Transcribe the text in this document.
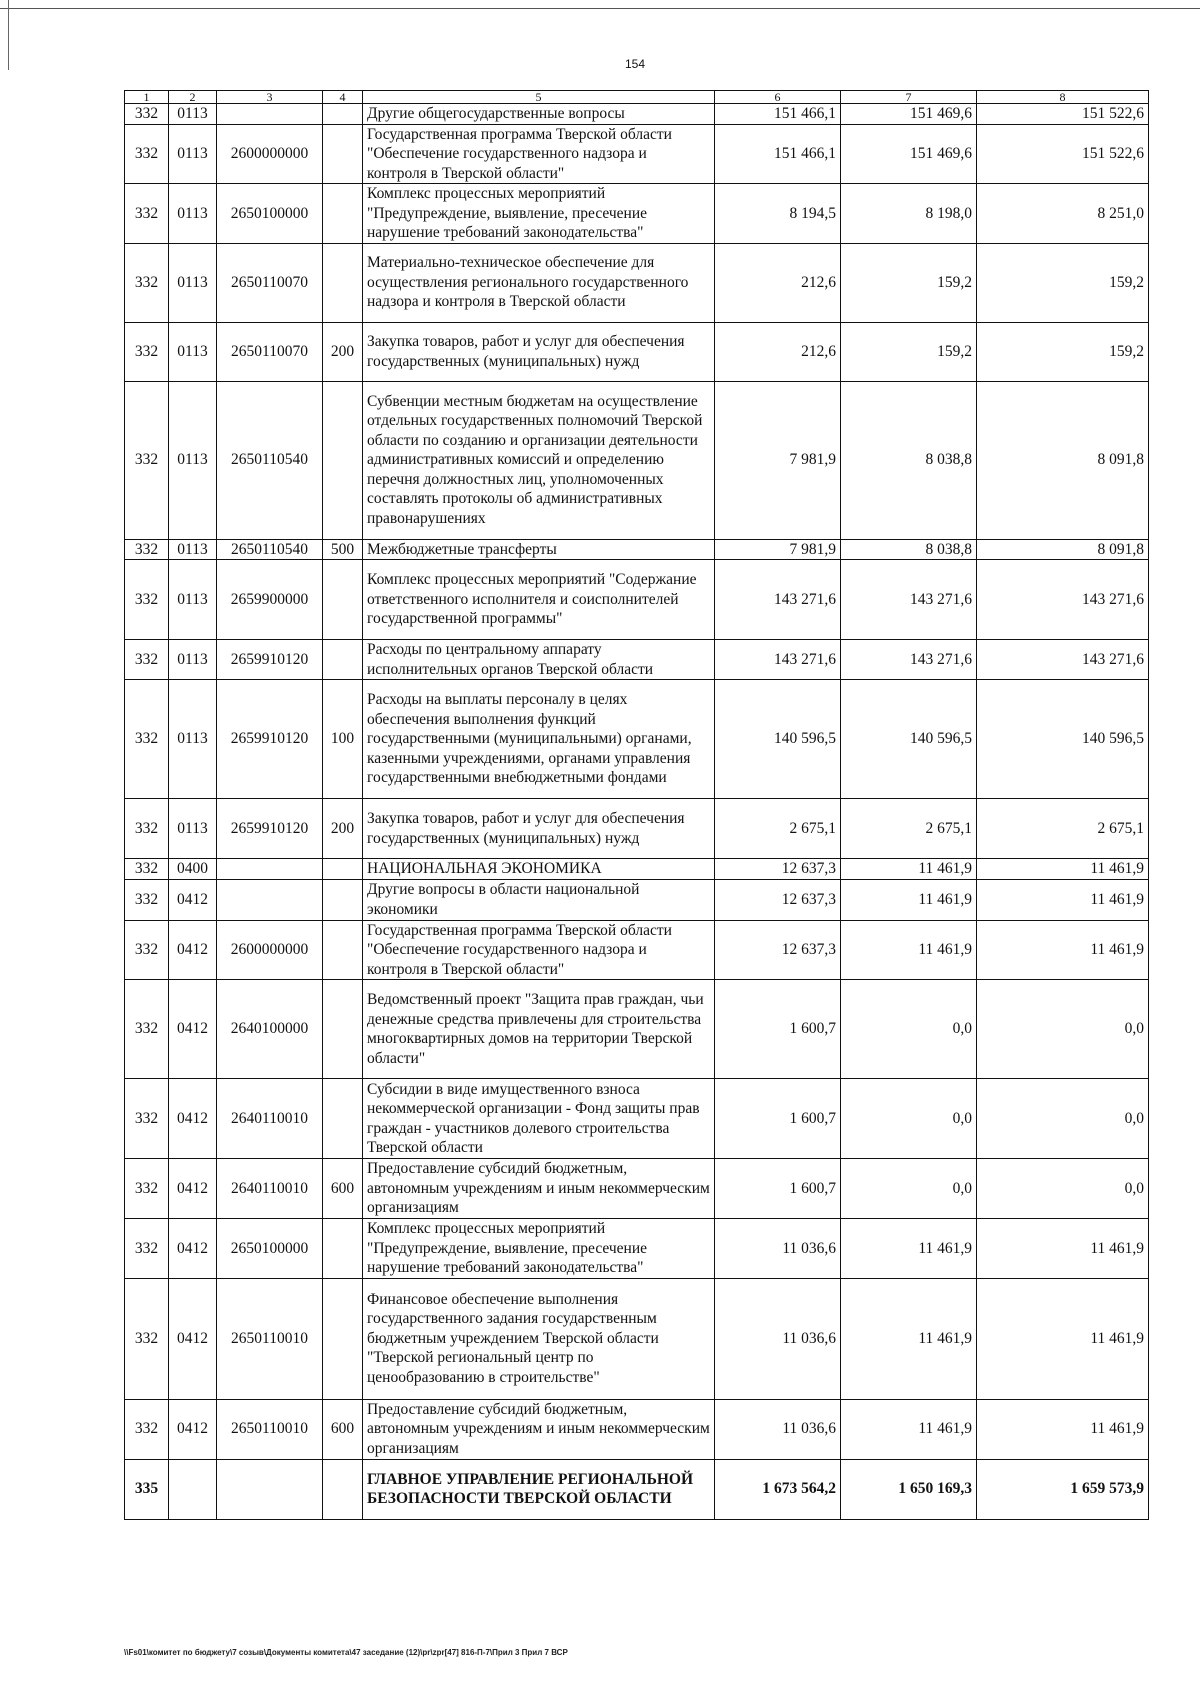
154
1	2	3	4	5	6	7	8
332	0113			Другие общегосударственные вопросы	151 466,1	151 469,6	151 522,6
332	0113	2600000000		Государственная программа Тверской области "Обеспечение государственного надзора и контроля в Тверской области"	151 466,1	151 469,6	151 522,6
332	0113	2650100000		Комплекс процессных мероприятий "Предупреждение, выявление, пресечение нарушение требований законодательства"	8 194,5	8 198,0	8 251,0
332	0113	2650110070		Материально-техническое обеспечение для осуществления регионального государственного надзора и контроля в Тверской области	212,6	159,2	159,2
332	0113	2650110070	200	Закупка товаров, работ и услуг для обеспечения государственных (муниципальных) нужд	212,6	159,2	159,2
332	0113	2650110540		Субвенции местным бюджетам на осуществление отдельных государственных полномочий Тверской области по созданию и организации деятельности административных комиссий и определению перечня должностных лиц, уполномоченных составлять протоколы об административных правонарушениях	7 981,9	8 038,8	8 091,8
332	0113	2650110540	500	Межбюджетные трансферты	7 981,9	8 038,8	8 091,8
332	0113	2659900000		Комплекс процессных мероприятий "Содержание ответственного исполнителя и соисполнителей государственной программы"	143 271,6	143 271,6	143 271,6
332	0113	2659910120		Расходы по центральному аппарату исполнительных органов Тверской области	143 271,6	143 271,6	143 271,6
332	0113	2659910120	100	Расходы на выплаты персоналу в целях обеспечения выполнения функций государственными (муниципальными) органами, казенными учреждениями, органами управления государственными внебюджетными фондами	140 596,5	140 596,5	140 596,5
332	0113	2659910120	200	Закупка товаров, работ и услуг для обеспечения государственных (муниципальных) нужд	2 675,1	2 675,1	2 675,1
332	0400			НАЦИОНАЛЬНАЯ ЭКОНОМИКА	12 637,3	11 461,9	11 461,9
332	0412			Другие вопросы в области национальной экономики	12 637,3	11 461,9	11 461,9
332	0412	2600000000		Государственная программа Тверской области "Обеспечение государственного надзора и контроля в Тверской области"	12 637,3	11 461,9	11 461,9
332	0412	2640100000		Ведомственный проект "Защита прав граждан, чьи денежные средства привлечены для строительства многоквартирных домов на территории Тверской области"	1 600,7	0,0	0,0
332	0412	2640110010		Субсидии в виде имущественного взноса некоммерческой организации - Фонд защиты прав граждан - участников долевого строительства Тверской области	1 600,7	0,0	0,0
332	0412	2640110010	600	Предоставление субсидий бюджетным, автономным учреждениям и иным некоммерческим организациям	1 600,7	0,0	0,0
332	0412	2650100000		Комплекс процессных мероприятий "Предупреждение, выявление, пресечение нарушение требований законодательства"	11 036,6	11 461,9	11 461,9
332	0412	2650110010		Финансовое обеспечение выполнения государственного задания государственным бюджетным учреждением Тверской области "Тверской региональный центр по ценообразованию в строительстве"	11 036,6	11 461,9	11 461,9
332	0412	2650110010	600	Предоставление субсидий бюджетным, автономным учреждениям и иным некоммерческим организациям	11 036,6	11 461,9	11 461,9
335				ГЛАВНОЕ УПРАВЛЕНИЕ РЕГИОНАЛЬНОЙ БЕЗОПАСНОСТИ ТВЕРСКОЙ ОБЛАСТИ	1 673 564,2	1 650 169,3	1 659 573,9
\\Fs01\комитет по бюджету\7 созыв\Документы комитета\47 заседание (12)\pr\zpr[47] 816-П-7\Прил 3 Прил 7 ВСР
